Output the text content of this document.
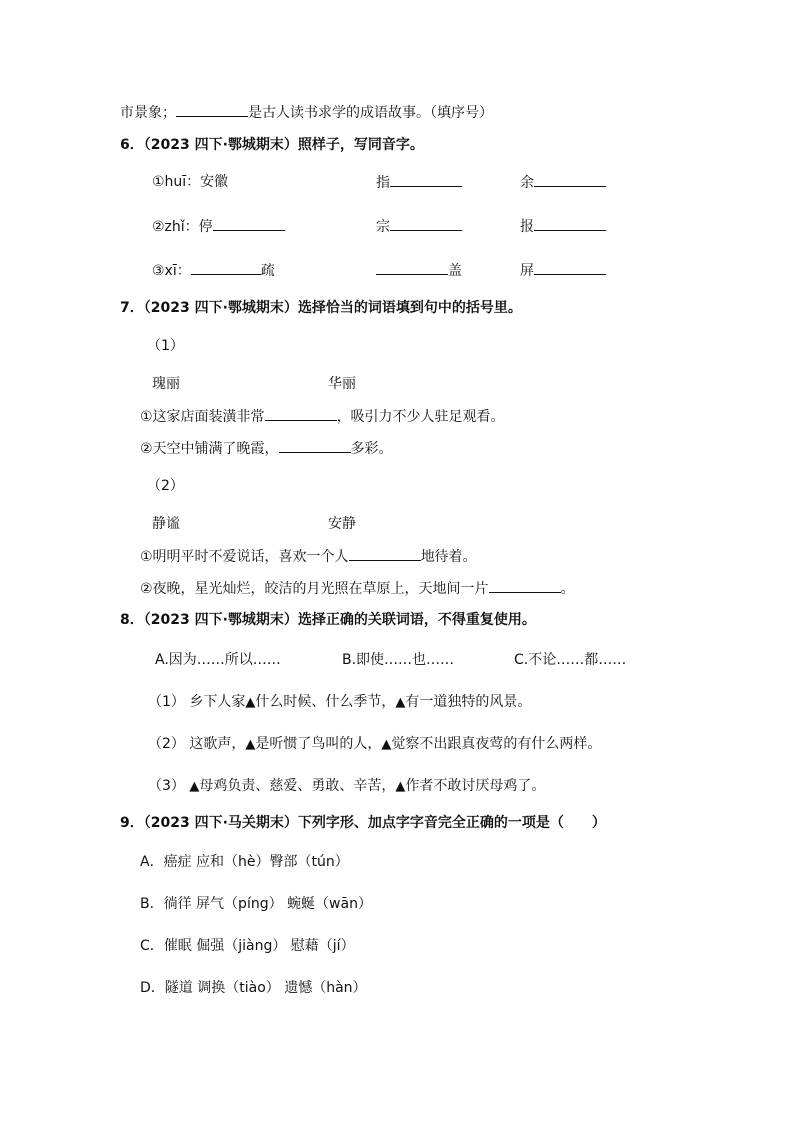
市景象；	是古人读书求学的成语故事。（填序号）
6．（2023 四下·鄂城期末）照样子，写同音字。
①huī：安徽	指	余
②zhǐ：停	宗	报
③xī：	疏	盖	屏
7．（2023 四下·鄂城期末）选择恰当的词语填到句中的括号里。
（1）
瑰丽	华丽
①这家店面装潢非常	，吸引力不少人驻足观看。
②天空中铺满了晚霞，	多彩。
（2）
静谧	安静
①明明平时不爱说话，喜欢一个人	地待着。
②夜晚，星光灿烂，皎洁的月光照在草原上，天地间一片	。
8．（2023 四下·鄂城期末）选择正确的关联词语，不得重复使用。
A.因为……所以……	B.即使……也……	C.不论……都……
（1） 乡下人家▲什么时候、什么季节，▲有一道独特的风景。
（2） 这歌声，▲是听惯了鸟叫的人，▲觉察不出跟真夜莺的有什么两样。
（3） ▲母鸡负责、慈爱、勇敢、辛苦，▲作者不敢讨厌母鸡了。
9．（2023 四下·马关期末）下列字形、加点字字音完全正确的一项是（　　）
A．癌症 应和（hè）臀部（tún）
B．徜徉 屏气（píng） 蜿蜒（wān）
C．催眠 倔强（jiàng） 慰藉（jí）
D．隧道 调换（tiào） 遗憾（hàn）
